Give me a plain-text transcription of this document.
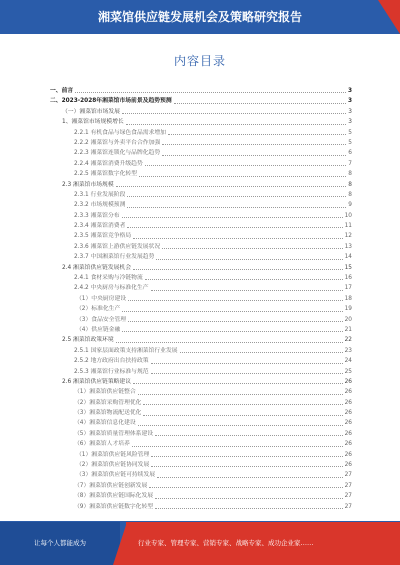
湘菜馆供应链发展机会及策略研究报告
内容目录
一、前言	3
二、2023-2028年湘菜馆市场前景及趋势预测	3
（一）湘菜馆市场发展	3
1、湘菜馆市场规模增长	3
2.2.1 有机食品与绿色食品需求增加	5
2.2.2 湘菜馆与外卖平台合作加强	5
2.2.3 湘菜馆连锁化与品牌化趋势	6
2.2.4 湘菜馆消费升级趋势	7
2.2.5 湘菜馆数字化转型	8
2.3 湘菜馆市场规模	8
2.3.1 行业发展阶段	8
2.3.2 市场规模预测	9
2.3.3 湘菜馆分布	10
2.3.4 湘菜馆消费者	11
2.3.5 湘菜馆竞争格局	12
2.3.6 湘菜馆上游供应链发展状况	13
2.3.7 中国湘菜馆行业发展趋势	14
2.4 湘菜馆供应链发展机会	15
2.4.1 食材采购与冷链物流	16
2.4.2 中央厨房与标准化生产	17
（1）中央厨房建设	18
（2）标准化生产	19
（3）食品安全管理	20
（4）供应链金融	21
2.5 湘菜馆政策环境	22
2.5.1 国家层面政策支持湘菜馆行业发展	23
2.5.2 地方政府出台扶持政策	24
2.5.3 湘菜馆行业标准与规范	25
2.6 湘菜馆供应链策略建议	26
（1）湘菜馆供应链整合	26
（2）湘菜馆采购管理优化	26
（3）湘菜馆物流配送优化	26
（4）湘菜馆信息化建设	26
（5）湘菜馆质量管理体系建设	26
（6）湘菜馆人才培养	26
（1）湘菜馆供应链风险管理	26
（2）湘菜馆供应链协同发展	26
（3）湘菜馆供应链可持续发展	27
（7）湘菜馆供应链创新发展	27
（8）湘菜馆供应链国际化发展	27
（9）湘菜馆供应链数字化转型	27
让每个人都能成为	行业专家、管理专家、营销专家、战略专家、成功企业家……
